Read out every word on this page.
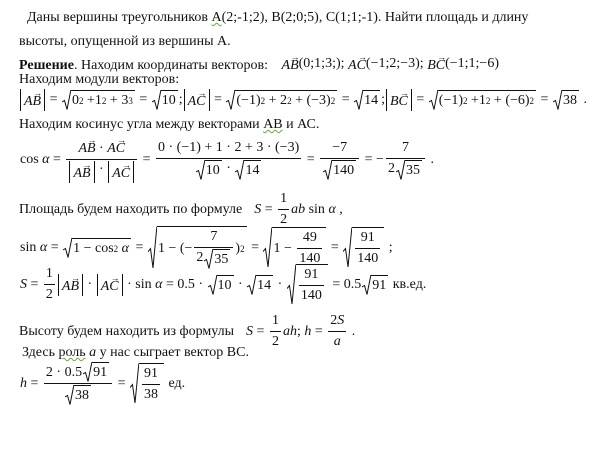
Даны вершины треугольников А(2;-1;2), В(2;0;5), С(1;1;-1). Найти площадь и длину
высоты, опущенной из вершины А.
Решение. Находим координаты векторов: AB → (0;1;3;); AC → (−1;2;−3); BC → (−1;1;−6)
Находим модули векторов:
AB → = 0 2 +1 2 + 3 3 = 10 ; AC → = (−1) 2 + 2 2 + (−3) 2 = 14 ; BC → = (−1) 2 +1 2 + (−6) 2 = 38 .
Находим косинус угла между векторами АВ и АС.
$\cos \alpha = \frac{AB \to \cdot AC \to}{AB \to \cdot AC}$ → = $\frac{0 \cdot (-1) + 1 \cdot 2 + 3 \cdot (-3)}{10 \cdot 14} = \frac{-7}{140}$ = − $\frac{7}{2 35}$ .
Площадь будем находить по формуле $S = \frac{1}{2}$ ab sin α ,
sin α = 1 − cos 2
α = 1 − (− $\frac{7}{2 35}$ ) $2 = 1 - \frac{49}{140} = \frac{91}{140}$ ;
$S = \frac{1}{2}$ AB → · AC → · $\sin \alpha = 0.5 \cdot 10 \cdot 14 \cdot \frac{91}{140} = 0.5$ 91 кв.ед.
Высоту будем находить из формулы $S = \frac{1}{2}$ ah ; $h = \frac{2 S}{a}$ .
Здесь роль a у нас сыграет вектор ВС.
$h = \frac{2 \cdot 0.5 91}{38} = \frac{91}{38}$ ед.
